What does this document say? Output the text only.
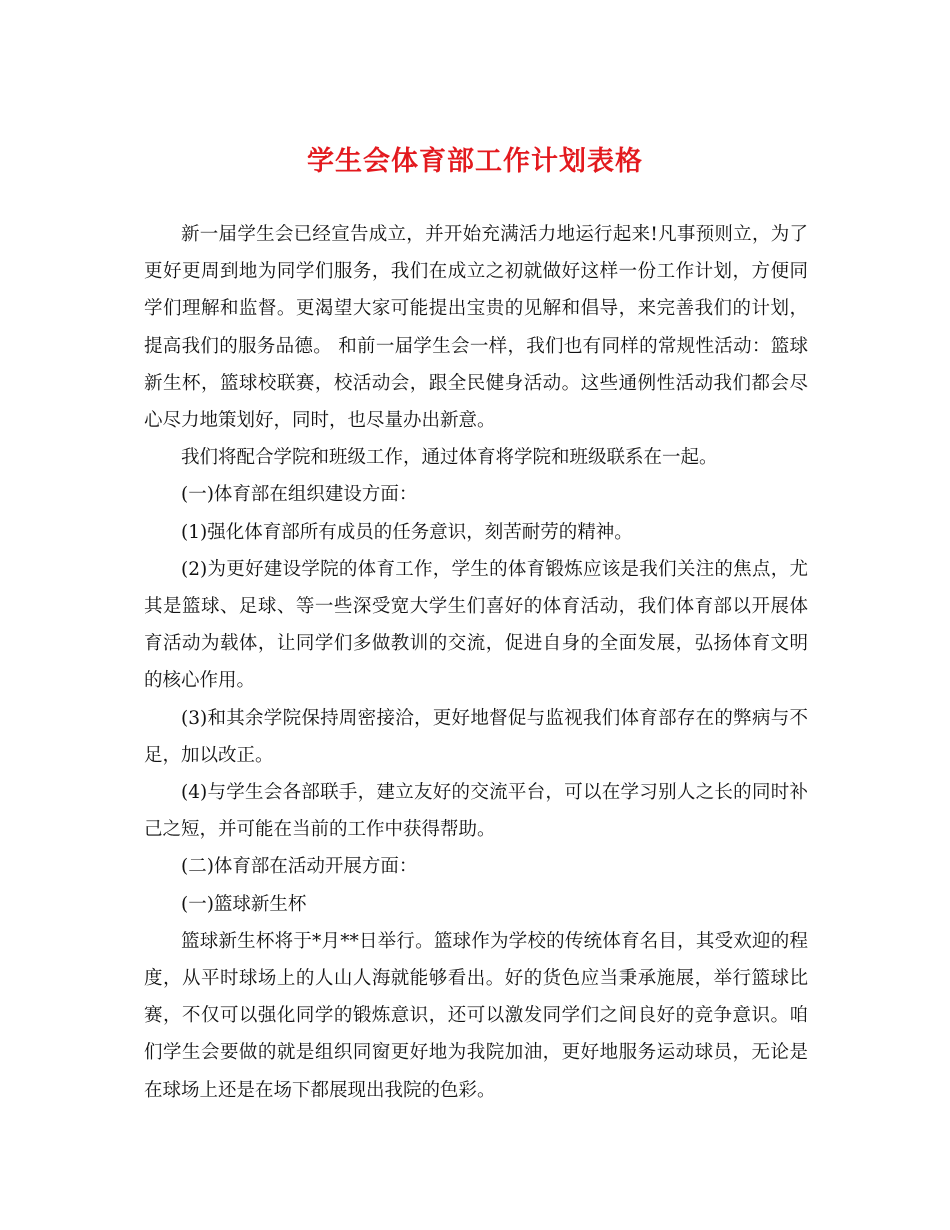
学生会体育部工作计划表格

新一届学生会已经宣告成立，并开始充满活力地运行起来!凡事预则立，为了更好更周到地为同学们服务，我们在成立之初就做好这样一份工作计划，方便同学们理解和监督。更渴望大家可能提出宝贵的见解和倡导，来完善我们的计划，提高我们的服务品德。 和前一届学生会一样，我们也有同样的常规性活动：篮球新生杯，篮球校联赛，校活动会，跟全民健身活动。这些通例性活动我们都会尽心尽力地策划好，同时，也尽量办出新意。

我们将配合学院和班级工作，通过体育将学院和班级联系在一起。

(一)体育部在组织建设方面：

(1)强化体育部所有成员的任务意识，刻苦耐劳的精神。

(2)为更好建设学院的体育工作，学生的体育锻炼应该是我们关注的焦点，尤其是篮球、足球、等一些深受宽大学生们喜好的体育活动，我们体育部以开展体育活动为载体，让同学们多做教训的交流，促进自身的全面发展，弘扬体育文明的核心作用。

(3)和其余学院保持周密接洽，更好地督促与监视我们体育部存在的弊病与不足，加以改正。

(4)与学生会各部联手，建立友好的交流平台，可以在学习别人之长的同时补己之短，并可能在当前的工作中获得帮助。

(二)体育部在活动开展方面：

(一)篮球新生杯

篮球新生杯将于*月**日举行。篮球作为学校的传统体育名目，其受欢迎的程度，从平时球场上的人山人海就能够看出。好的货色应当秉承施展，举行篮球比赛，不仅可以强化同学的锻炼意识，还可以激发同学们之间良好的竞争意识。咱们学生会要做的就是组织同窗更好地为我院加油，更好地服务运动球员，无论是在球场上还是在场下都展现出我院的色彩。
